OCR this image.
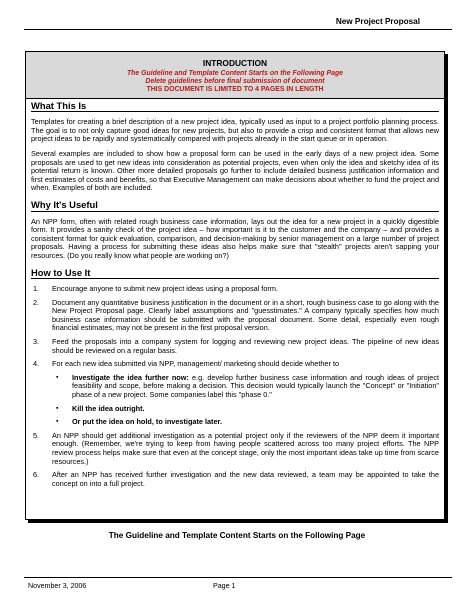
New Project Proposal
INTRODUCTION
The Guideline and Template Content Starts on the Following Page
Delete guidelines before final submission of document
THIS DOCUMENT IS LIMITED TO 4 PAGES IN LENGTH
What This Is

Templates for creating a brief description of a new project idea, typically used as input to a project portfolio planning process. The goal is to not only capture good ideas for new projects, but also to provide a crisp and consistent format that allows new project ideas to be rapidly and systematically compared with projects already in the start queue or in operation.

Several examples are included to show how a proposal form can be used in the early days of a new project idea. Some proposals are used to get new ideas into consideration as potential projects, even when only the idea and sketchy idea of its potential return is known. Other more detailed proposals go further to include detailed business justification information and first estimates of costs and benefits, so that Executive Management can make decisions about whether to fund the project and when. Examples of both are included.

Why It's Useful

An NPP form, often with related rough business case information, lays out the idea for a new project in a quickly digestible form. It provides a sanity check of the project idea – how important is it to the customer and the company – and provides a consistent format for quick evaluation, comparison, and decision-making by senior management on a large number of project proposals. Having a process for submitting these ideas also helps make sure that "stealth" projects aren't sapping your resources. (Do you really know what people are working on?)

How to Use It
1. Encourage anyone to submit new project ideas using a proposal form.
2. Document any quantitative business justification in the document or in a short, rough business case to go along with the New Project Proposal page. Clearly label assumptions and "guesstimates." A company typically specifies how much business case information should be submitted with the proposal document. Some detail, especially even rough financial estimates, may not be present in the first proposal version.
3. Feed the proposals into a company system for logging and reviewing new project ideas. The pipeline of new ideas should be reviewed on a regular basis.
4. For each new idea submitted via NPP, management/ marketing should decide whether to
▪ Investigate the idea further now: e.g. develop further business case information and rough ideas of project feasibility and scope, before making a decision. This decision would typically launch the "Concept" or "Initiation" phase of a new project. Some companies label this "phase 0."
▪ Kill the idea outright.
▪ Or put the idea on hold, to investigate later.
5. An NPP should get additional investigation as a potential project only if the reviewers of the NPP deem it important enough. (Remember, we're trying to keep from having people scattered across too many project efforts. The NPP review process helps make sure that even at the concept stage, only the most important ideas take up time from scarce resources.)
6. After an NPP has received further investigation and the new data reviewed, a team may be appointed to take the concept on into a full project.
The Guideline and Template Content Starts on the Following Page
November 3, 2006	Page 1
